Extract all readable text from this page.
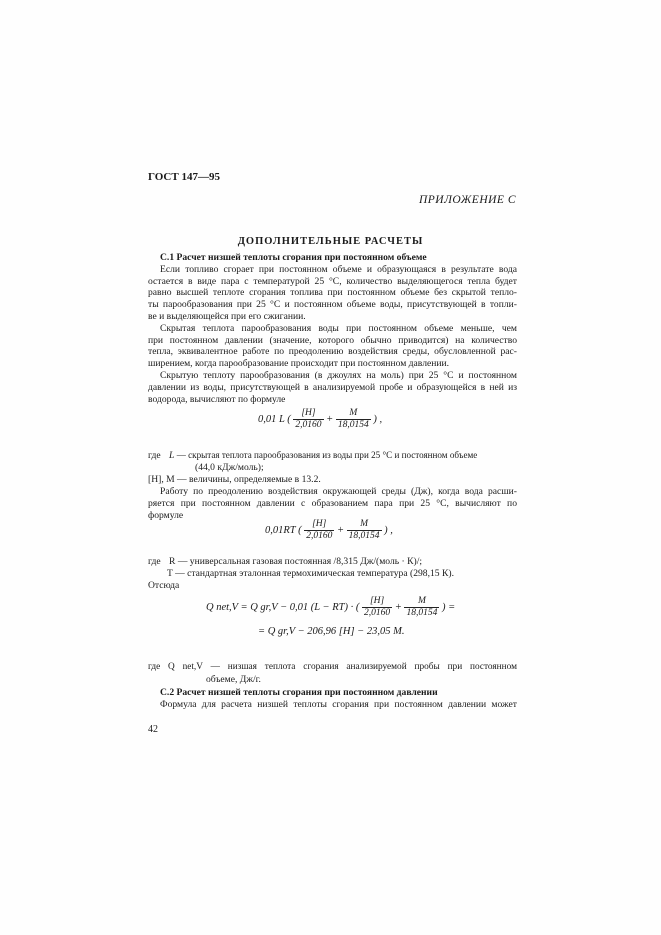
ГОСТ 147—95
ПРИЛОЖЕНИЕ С
ДОПОЛНИТЕЛЬНЫЕ РАСЧЕТЫ
С.1 Расчет низшей теплоты сгорания при постоянном объеме
Если топливо сгорает при постоянном объеме и образующаяся в результате вода
остается в виде пара с температурой 25 °С, количество выделяющегося тепла будет
равно высшей теплоте сгорания топлива при постоянном объеме без скрытой тепло-
ты парообразования при 25 °С и постоянном объеме воды, присутствующей в топли-
ве и выделяющейся при его сжигании.
Скрытая теплота парообразования воды при постоянном объеме меньше, чем
при постоянном давлении (значение, которого обычно приводится) на количество
тепла, эквивалентное работе по преодолению воздействия среды, обусловленной рас-
ширением, когда парообразование происходит при постоянном давлении.
Скрытую теплоту парообразования (в джоулях на моль) при 25 °С и постоянном
давлении из воды, присутствующей в анализируемой пробе и образующейся в ней из
водорода, вычисляют по формуле
0,01 L ( $\frac{[H]}{2,0160} + \frac{M}{18,0154}$ ) ,
где L — скрытая теплота парообразования из воды при 25 °С и постоянном объеме
(44,0 кДж/моль);
[H], M — величины, определяемые в 13.2.
Работу по преодолению воздействия окружающей среды (Дж), когда вода расши-
ряется при постоянном давлении с образованием пара при 25 °С, вычисляют по
формуле
0,01RT ( $\frac{[H]}{2,0160} + \frac{M}{18,0154}$ ) ,
где R — универсальная газовая постоянная /8,315 Дж/(моль · К)/;
T — стандартная эталонная термохимическая температура (298,15 К).
Отсюда
Q net,V = Q gr,V − 0,01 (L − RT) · ( $\frac{[H]}{2,0160} + \frac{M}{18,0154}$ ) =
= Q gr,V − 206,96 [H] − 23,05 M.
где Q net,V — низшая теплота сгорания анализируемой пробы при постоянном
объеме, Дж/г.
С.2 Расчет низшей теплоты сгорания при постоянном давлении
Формула для расчета низшей теплоты сгорания при постоянном давлении может
42
